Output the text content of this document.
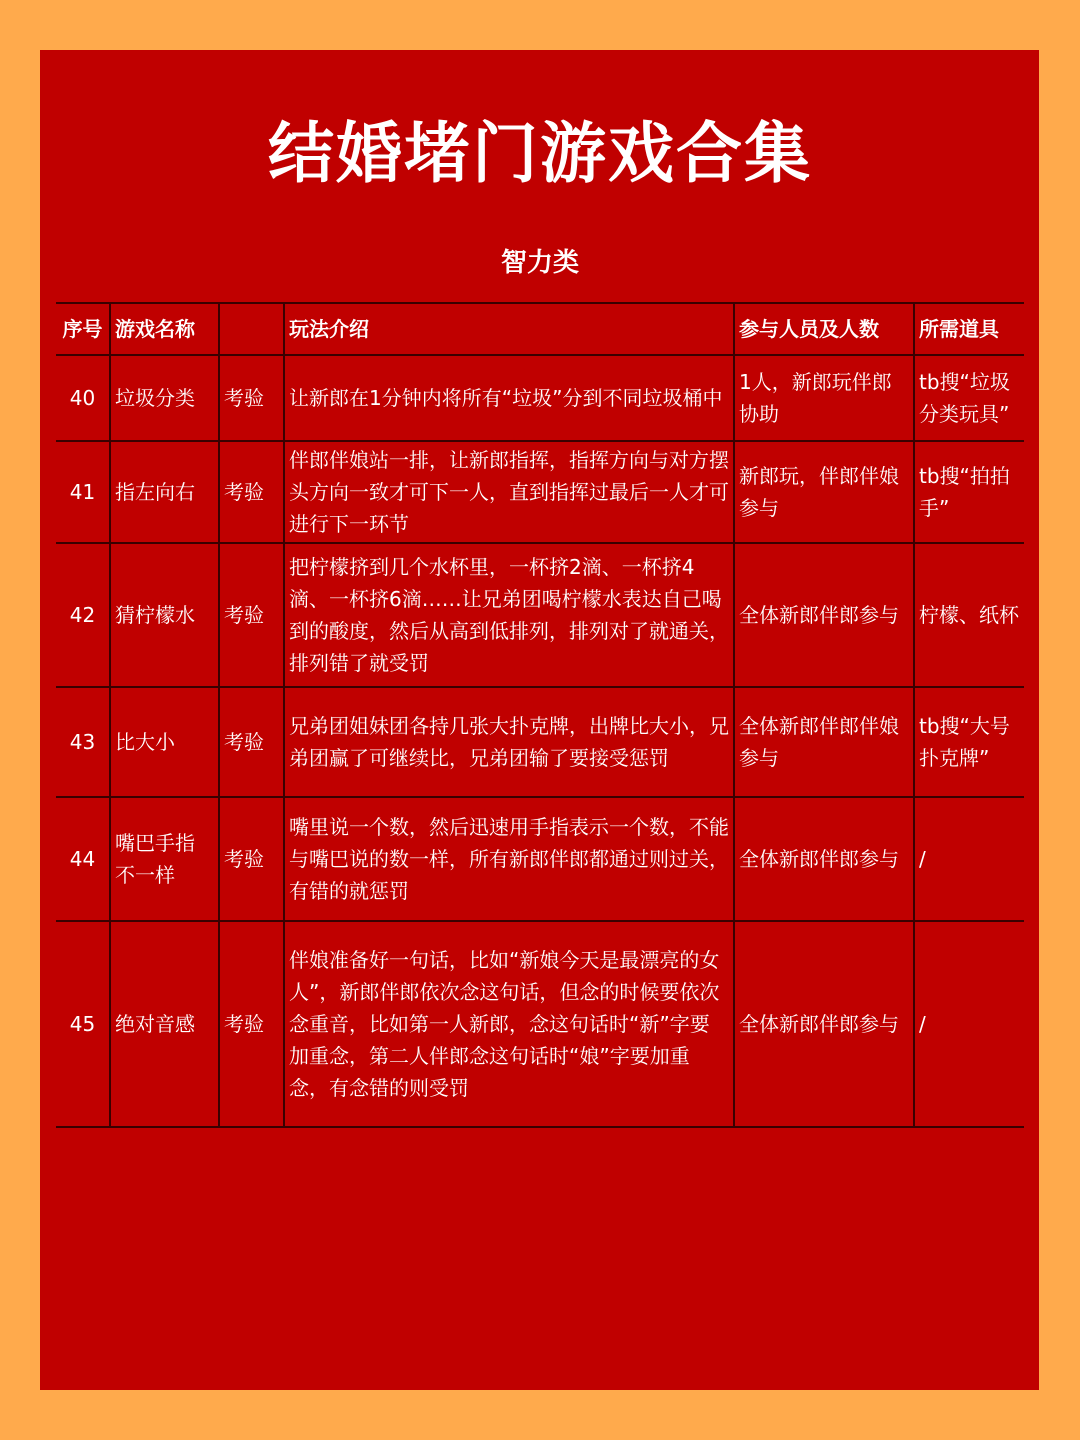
结婚堵门游戏合集
智力类
序号	游戏名称		玩法介绍	参与人员及人数	所需道具
40	垃圾分类	考验	让新郎在1分钟内将所有“垃圾”分到不同垃圾桶中	1人，新郎玩伴郎协助	tb搜“垃圾分类玩具”
41	指左向右	考验	伴郎伴娘站一排，让新郎指挥，指挥方向与对方摆头方向一致才可下一人，直到指挥过最后一人才可进行下一环节	新郎玩，伴郎伴娘参与	tb搜“拍拍手”
42	猜柠檬水	考验	把柠檬挤到几个水杯里，一杯挤2滴、一杯挤4滴、一杯挤6滴……让兄弟团喝柠檬水表达自己喝到的酸度，然后从高到低排列，排列对了就通关，排列错了就受罚	全体新郎伴郎参与	柠檬、纸杯
43	比大小	考验	兄弟团姐妹团各持几张大扑克牌，出牌比大小，兄弟团赢了可继续比，兄弟团输了要接受惩罚	全体新郎伴郎伴娘参与	tb搜“大号扑克牌”
44	嘴巴手指不一样	考验	嘴里说一个数，然后迅速用手指表示一个数，不能与嘴巴说的数一样，所有新郎伴郎都通过则过关，有错的就惩罚	全体新郎伴郎参与	/
45	绝对音感	考验	伴娘准备好一句话，比如“新娘今天是最漂亮的女人”，新郎伴郎依次念这句话，但念的时候要依次念重音，比如第一人新郎，念这句话时“新”字要加重念，第二人伴郎念这句话时“娘”字要加重念，有念错的则受罚	全体新郎伴郎参与	/
